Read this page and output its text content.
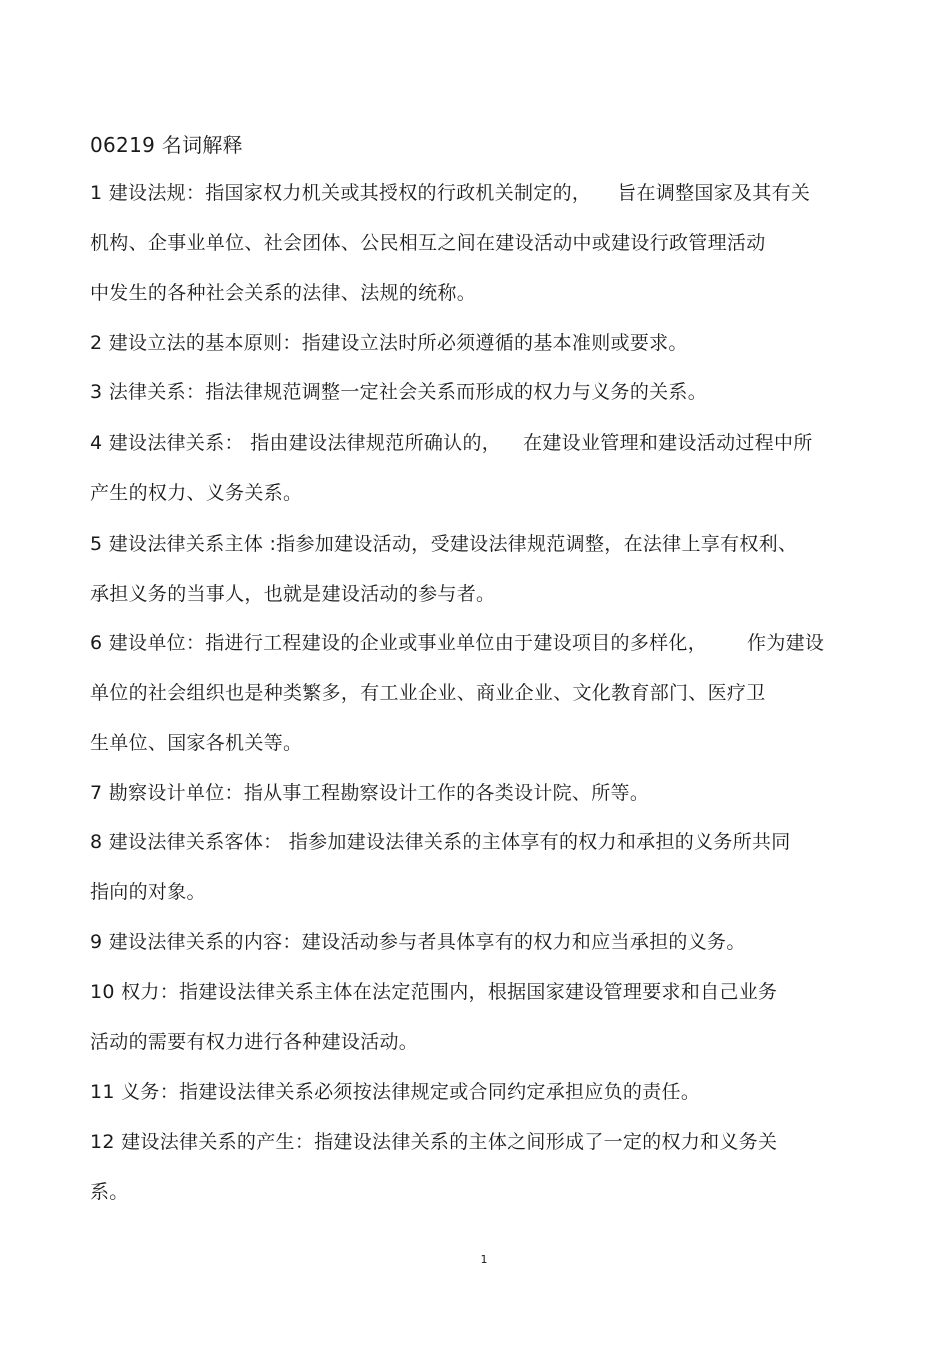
06219 名词解释
1 建设法规：指国家权力机关或其授权的行政机关制定的， 旨在调整国家及其有关
机构、企事业单位、社会团体、公民相互之间在建设活动中或建设行政管理活动
中发生的各种社会关系的法律、法规的统称。
2 建设立法的基本原则：指建设立法时所必须遵循的基本准则或要求。
3 法律关系：指法律规范调整一定社会关系而形成的权力与义务的关系。
4 建设法律关系： 指由建设法律规范所确认的， 在建设业管理和建设活动过程中所
产生的权力、义务关系。
5 建设法律关系主体 :指参加建设活动，受建设法律规范调整，在法律上享有权利、
承担义务的当事人，也就是建设活动的参与者。
6 建设单位：指进行工程建设的企业或事业单位由于建设项目的多样化， 作为建设
单位的社会组织也是种类繁多，有工业企业、商业企业、文化教育部门、医疗卫
生单位、国家各机关等。
7 勘察设计单位：指从事工程勘察设计工作的各类设计院、所等。
8 建设法律关系客体： 指参加建设法律关系的主体享有的权力和承担的义务所共同
指向的对象。
9 建设法律关系的内容：建设活动参与者具体享有的权力和应当承担的义务。
10 权力：指建设法律关系主体在法定范围内，根据国家建设管理要求和自己业务
活动的需要有权力进行各种建设活动。
11 义务：指建设法律关系必须按法律规定或合同约定承担应负的责任。
12 建设法律关系的产生：指建设法律关系的主体之间形成了一定的权力和义务关
系。
1
